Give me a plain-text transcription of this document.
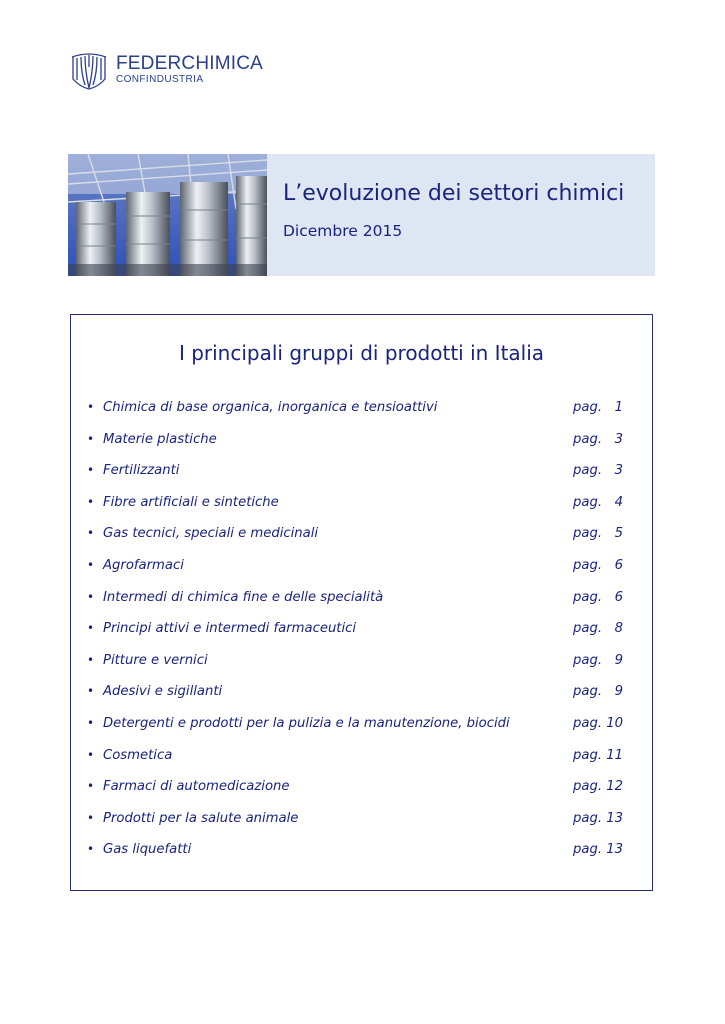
FEDERCHIMICA
CONFINDUSTRIA
L’evoluzione dei settori chimici
Dicembre 2015
I principali gruppi di prodotti in Italia
• Chimica di base organica, inorganica e tensioattivi	pag.   1
• Materie plastiche	pag.   3
• Fertilizzanti	pag.   3
• Fibre artificiali e sintetiche	pag.   4
• Gas tecnici, speciali e medicinali	pag.   5
• Agrofarmaci	pag.   6
• Intermedi di chimica fine e delle specialità	pag.   6
• Principi attivi e intermedi farmaceutici	pag.   8
• Pitture e vernici	pag.   9
• Adesivi e sigillanti	pag.   9
• Detergenti e prodotti per la pulizia e la manutenzione, biocidi	pag. 10
• Cosmetica	pag. 11
• Farmaci di automedicazione	pag. 12
• Prodotti per la salute animale	pag. 13
• Gas liquefatti	pag. 13
